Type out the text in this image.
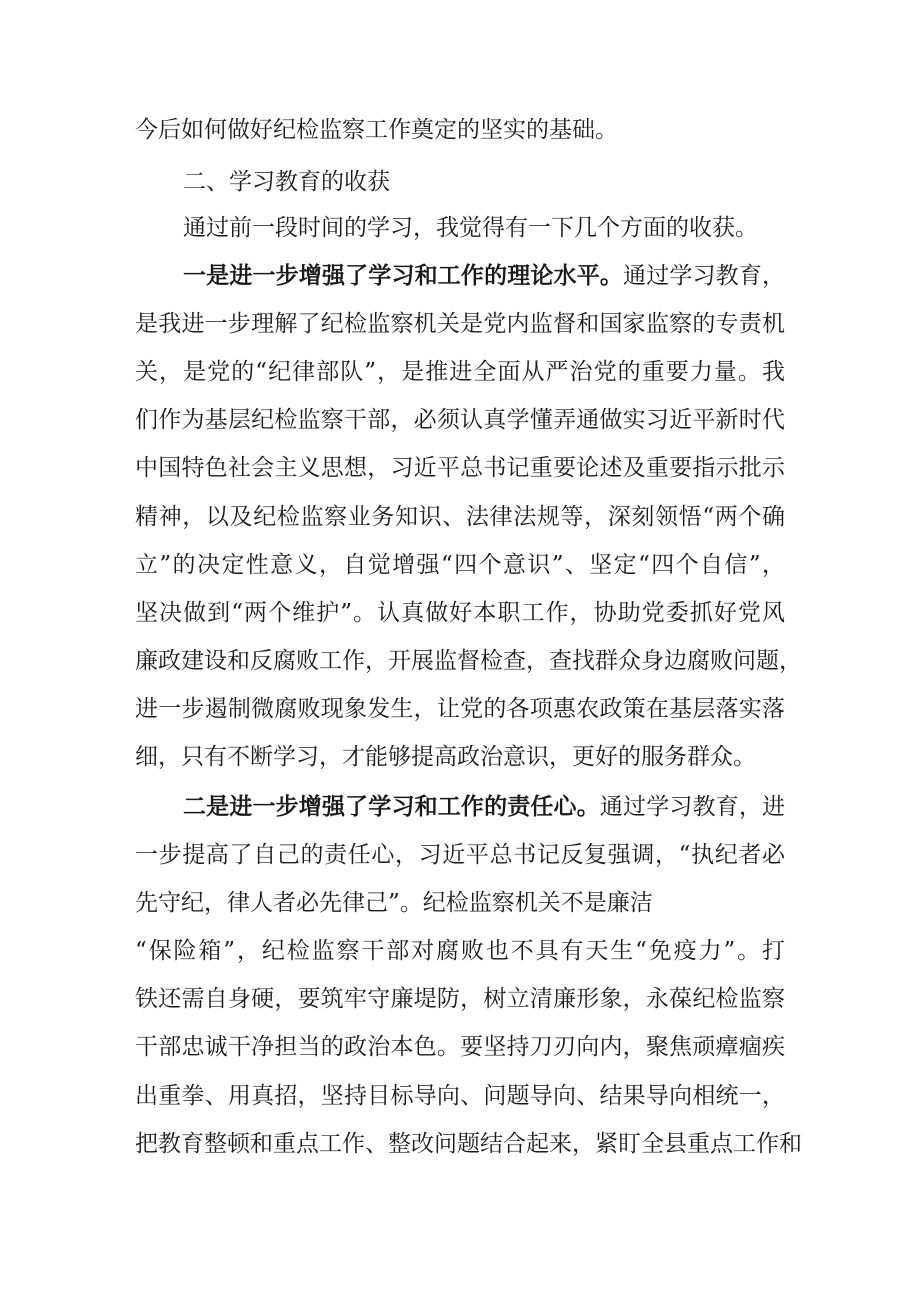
今后如何做好纪检监察工作奠定的坚实的基础。
二、学习教育的收获
通过前一段时间的学习，我觉得有一下几个方面的收获。
一是进一步增强了学习和工作的理论水平。通过学习教育，
是我进一步理解了纪检监察机关是党内监督和国家监察的专责机
关，是党的“纪律部队”，是推进全面从严治党的重要力量。我
们作为基层纪检监察干部，必须认真学懂弄通做实习近平新时代
中国特色社会主义思想，习近平总书记重要论述及重要指示批示
精神，以及纪检监察业务知识、法律法规等，深刻领悟“两个确
立”的决定性意义，自觉增强“四个意识”、坚定“四个自信”，
坚决做到“两个维护”。认真做好本职工作，协助党委抓好党风
廉政建设和反腐败工作，开展监督检查，查找群众身边腐败问题，
进一步遏制微腐败现象发生，让党的各项惠农政策在基层落实落
细，只有不断学习，才能够提高政治意识，更好的服务群众。
二是进一步增强了学习和工作的责任心。通过学习教育，进
一步提高了自己的责任心，习近平总书记反复强调，“执纪者必
先守纪，律人者必先律己”。纪检监察机关不是廉洁
“保险箱”，纪检监察干部对腐败也不具有天生“免疫力”。打
铁还需自身硬，要筑牢守廉堤防，树立清廉形象，永葆纪检监察
干部忠诚干净担当的政治本色。要坚持刀刃向内，聚焦顽瘴痼疾
出重拳、用真招，坚持目标导向、问题导向、结果导向相统一，
把教育整顿和重点工作、整改问题结合起来，紧盯全县重点工作和
